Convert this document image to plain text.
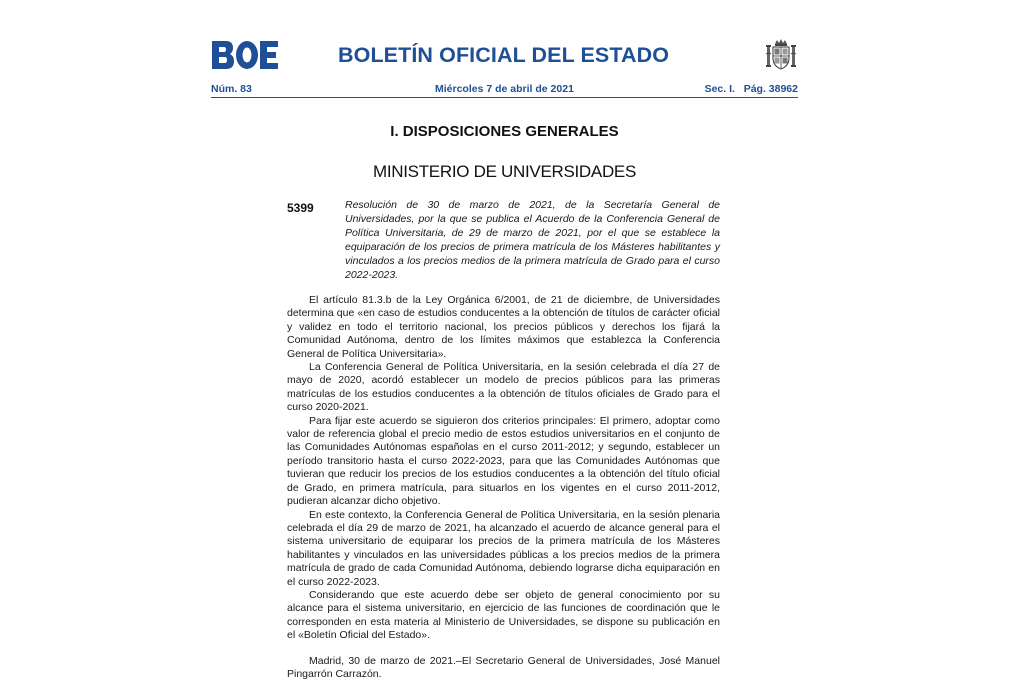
BOLETÍN OFICIAL DEL ESTADO
Núm. 83	Miércoles 7 de abril de 2021	Sec. I.   Pág. 38962
I. DISPOSICIONES GENERALES
MINISTERIO DE UNIVERSIDADES
5399	Resolución de 30 de marzo de 2021, de la Secretaría General de Universidades, por la que se publica el Acuerdo de la Conferencia General de Política Universitaria, de 29 de marzo de 2021, por el que se establece la equiparación de los precios de primera matrícula de los Másteres habilitantes y vinculados a los precios medios de la primera matrícula de Grado para el curso 2022-2023.

El artículo 81.3.b de la Ley Orgánica 6/2001, de 21 de diciembre, de Universidades determina que «en caso de estudios conducentes a la obtención de títulos de carácter oficial y validez en todo el territorio nacional, los precios públicos y derechos los fijará la Comunidad Autónoma, dentro de los límites máximos que establezca la Conferencia General de Política Universitaria».

La Conferencia General de Política Universitaria, en la sesión celebrada el día 27 de mayo de 2020, acordó establecer un modelo de precios públicos para las primeras matrículas de los estudios conducentes a la obtención de títulos oficiales de Grado para el curso 2020-2021.

Para fijar este acuerdo se siguieron dos criterios principales: El primero, adoptar como valor de referencia global el precio medio de estos estudios universitarios en el conjunto de las Comunidades Autónomas españolas en el curso 2011-2012; y segundo, establecer un período transitorio hasta el curso 2022-2023, para que las Comunidades Autónomas que tuvieran que reducir los precios de los estudios conducentes a la obtención del título oficial de Grado, en primera matrícula, para situarlos en los vigentes en el curso 2011-2012, pudieran alcanzar dicho objetivo.

En este contexto, la Conferencia General de Política Universitaria, en la sesión plenaria celebrada el día 29 de marzo de 2021, ha alcanzado el acuerdo de alcance general para el sistema universitario de equiparar los precios de la primera matrícula de los Másteres habilitantes y vinculados en las universidades públicas a los precios medios de la primera matrícula de grado de cada Comunidad Autónoma, debiendo lograrse dicha equiparación en el curso 2022-2023.

Considerando que este acuerdo debe ser objeto de general conocimiento por su alcance para el sistema universitario, en ejercicio de las funciones de coordinación que le corresponden en esta materia al Ministerio de Universidades, se dispone su publicación en el «Boletín Oficial del Estado».

Madrid, 30 de marzo de 2021.–El Secretario General de Universidades, José Manuel Pingarrón Carrazón.
